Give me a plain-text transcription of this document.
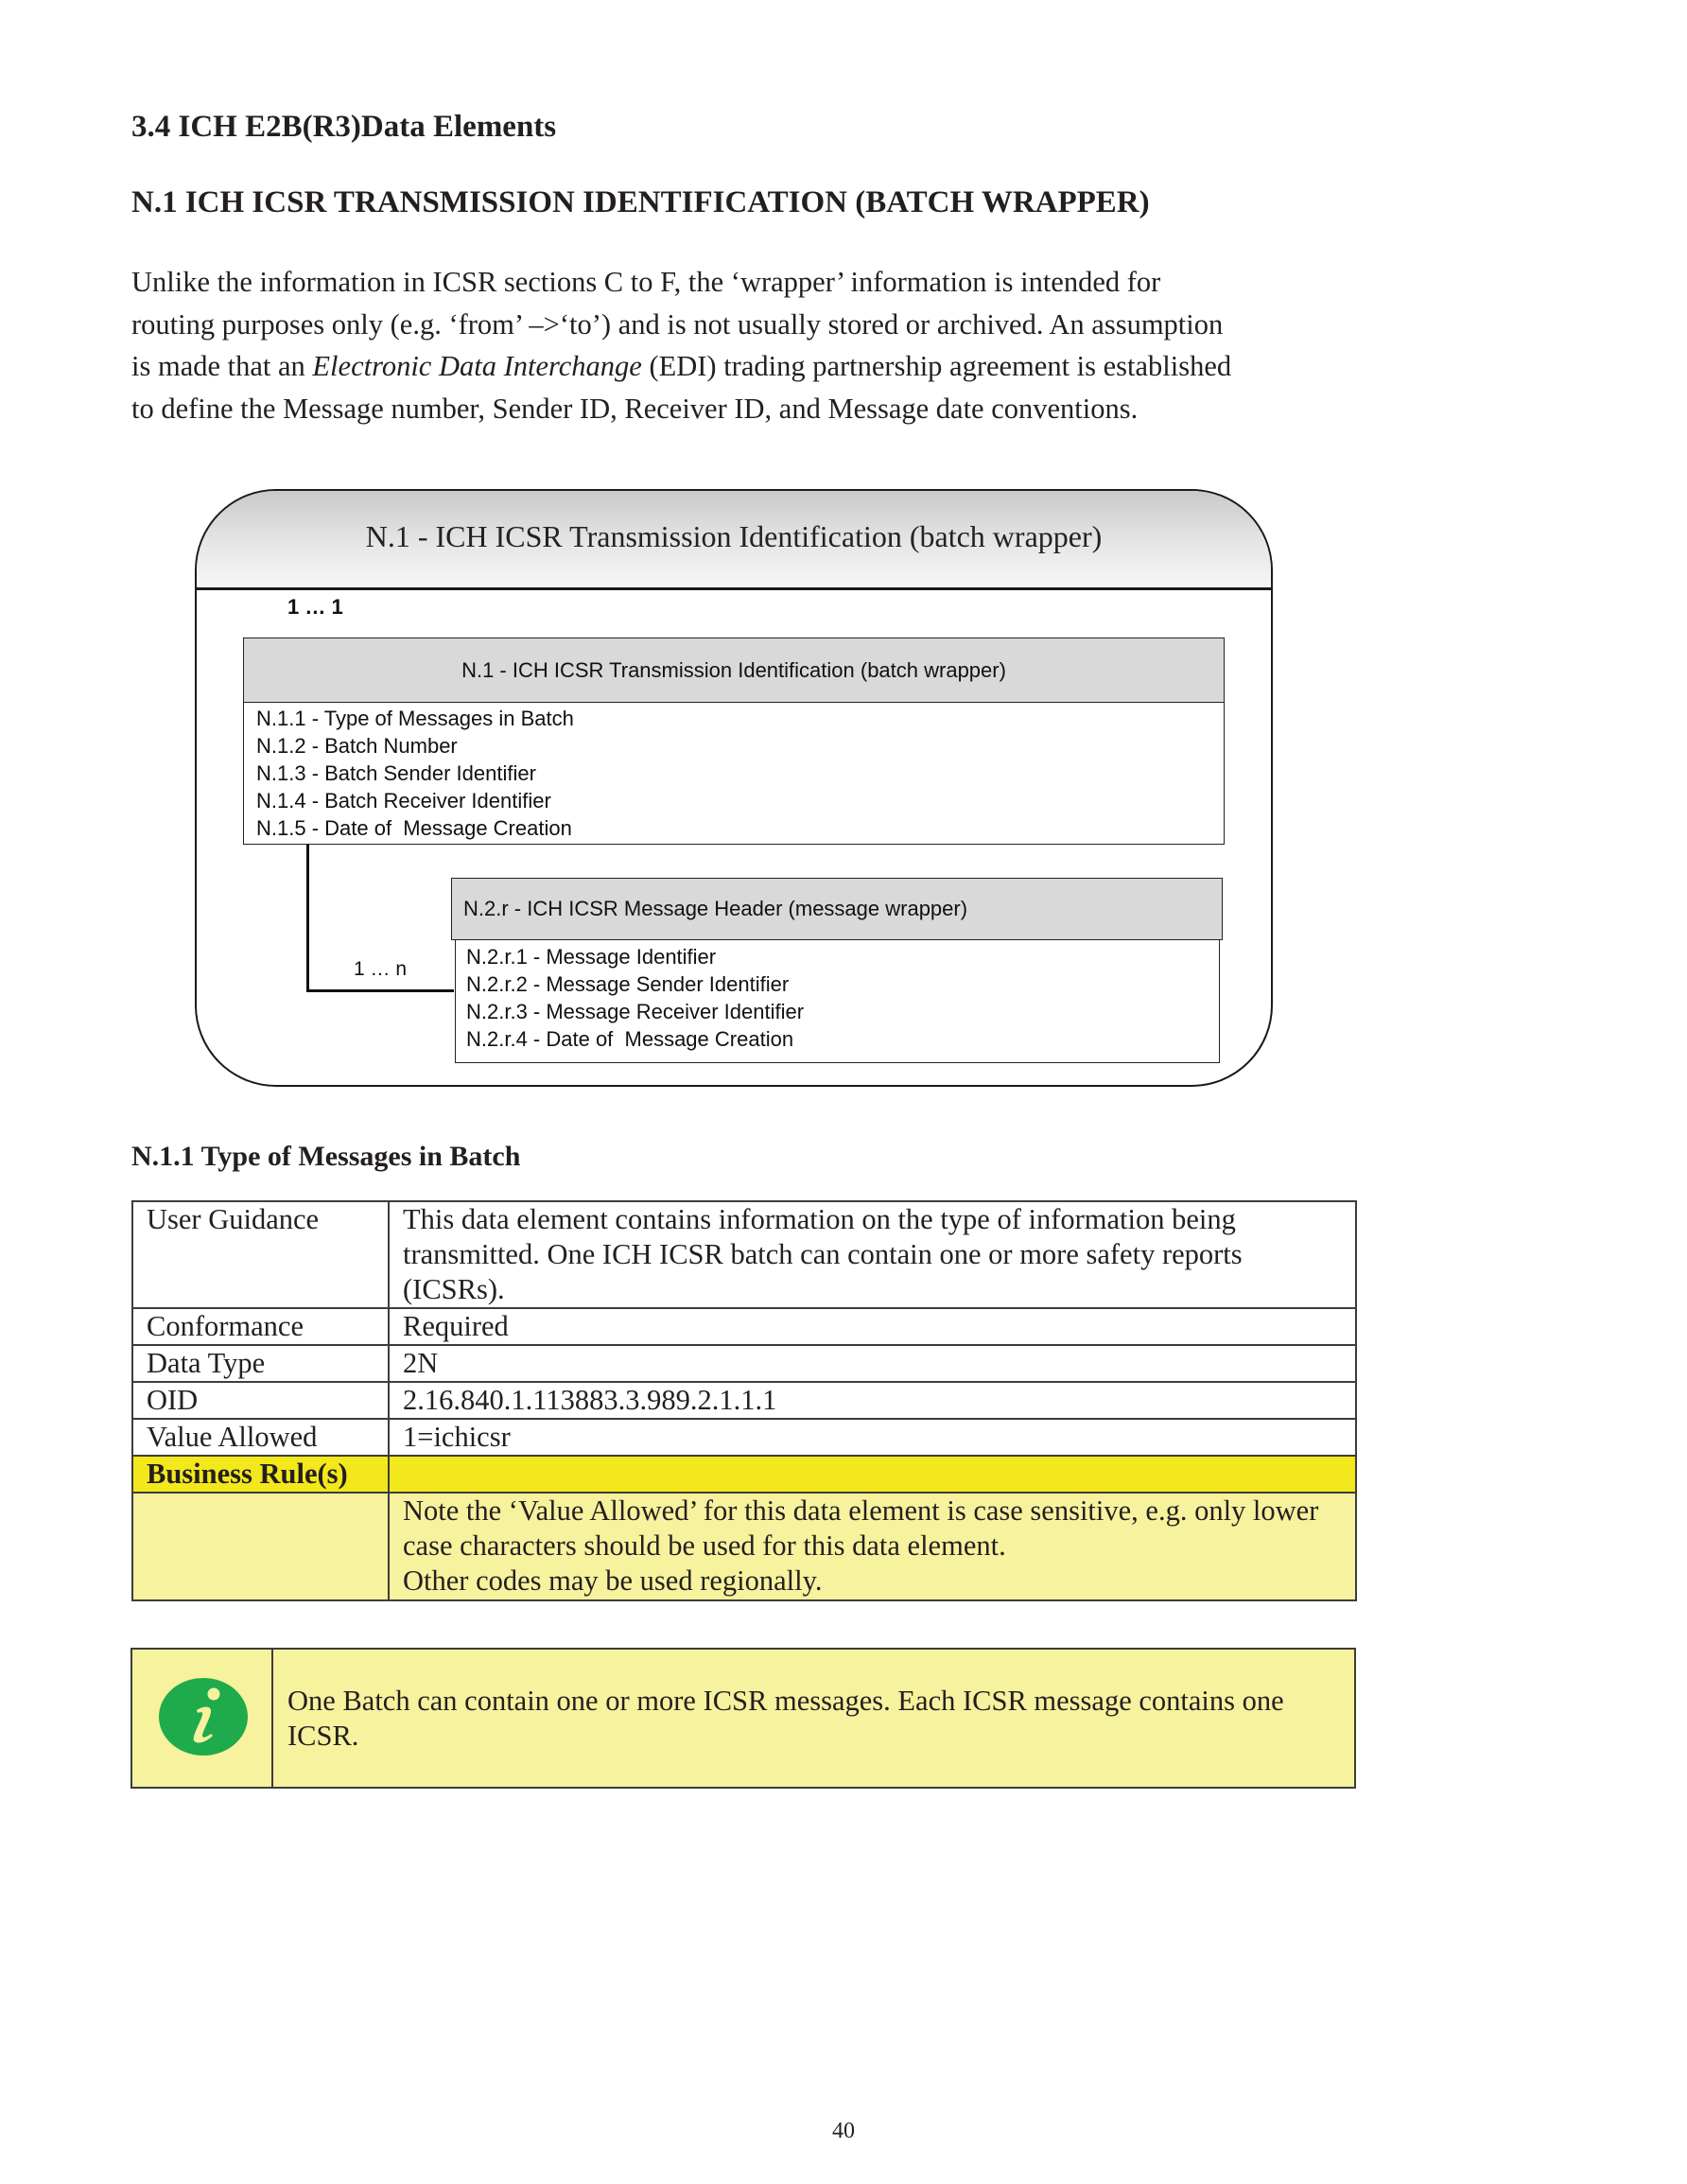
3.4 ICH E2B(R3)Data Elements
N.1 ICH ICSR TRANSMISSION IDENTIFICATION (BATCH WRAPPER)

Unlike the information in ICSR sections C to F, the ‘wrapper’ information is intended for

routing purposes only (e.g. ‘from’ –>‘to’) and is not usually stored or archived. An assumption

is made that an Electronic Data Interchange (EDI) trading partnership agreement is established

to define the Message number, Sender ID, Receiver ID, and Message date conventions.

N.1 - ICH ICSR Transmission Identification (batch wrapper)
1 … 1
N.1 - ICH ICSR Transmission Identification (batch wrapper)
N.1.1 - Type of Messages in Batch
N.1.2 - Batch Number
N.1.3 - Batch Sender Identifier
N.1.4 - Batch Receiver Identifier
N.1.5 - Date of  Message Creation
1 … n
N.2.r - ICH ICSR Message Header (message wrapper)
N.2.r.1 - Message Identifier
N.2.r.2 - Message Sender Identifier
N.2.r.3 - Message Receiver Identifier
N.2.r.4 - Date of  Message Creation
N.1.1 Type of Messages in Batch
User Guidance	This data element contains information on the type of information being transmitted. One ICH ICSR batch can contain one or more safety reports (ICSRs).
Conformance	Required
Data Type	2N
OID	2.16.840.1.113883.3.989.2.1.1.1
Value Allowed	1=ichicsr
Business Rule(s)	

	Note the ‘Value Allowed’ for this data element is case sensitive, e.g. only lower case characters should be used for this data element.
Other codes may be used regionally.
One Batch can contain one or more ICSR messages. Each ICSR message contains one ICSR.
40
